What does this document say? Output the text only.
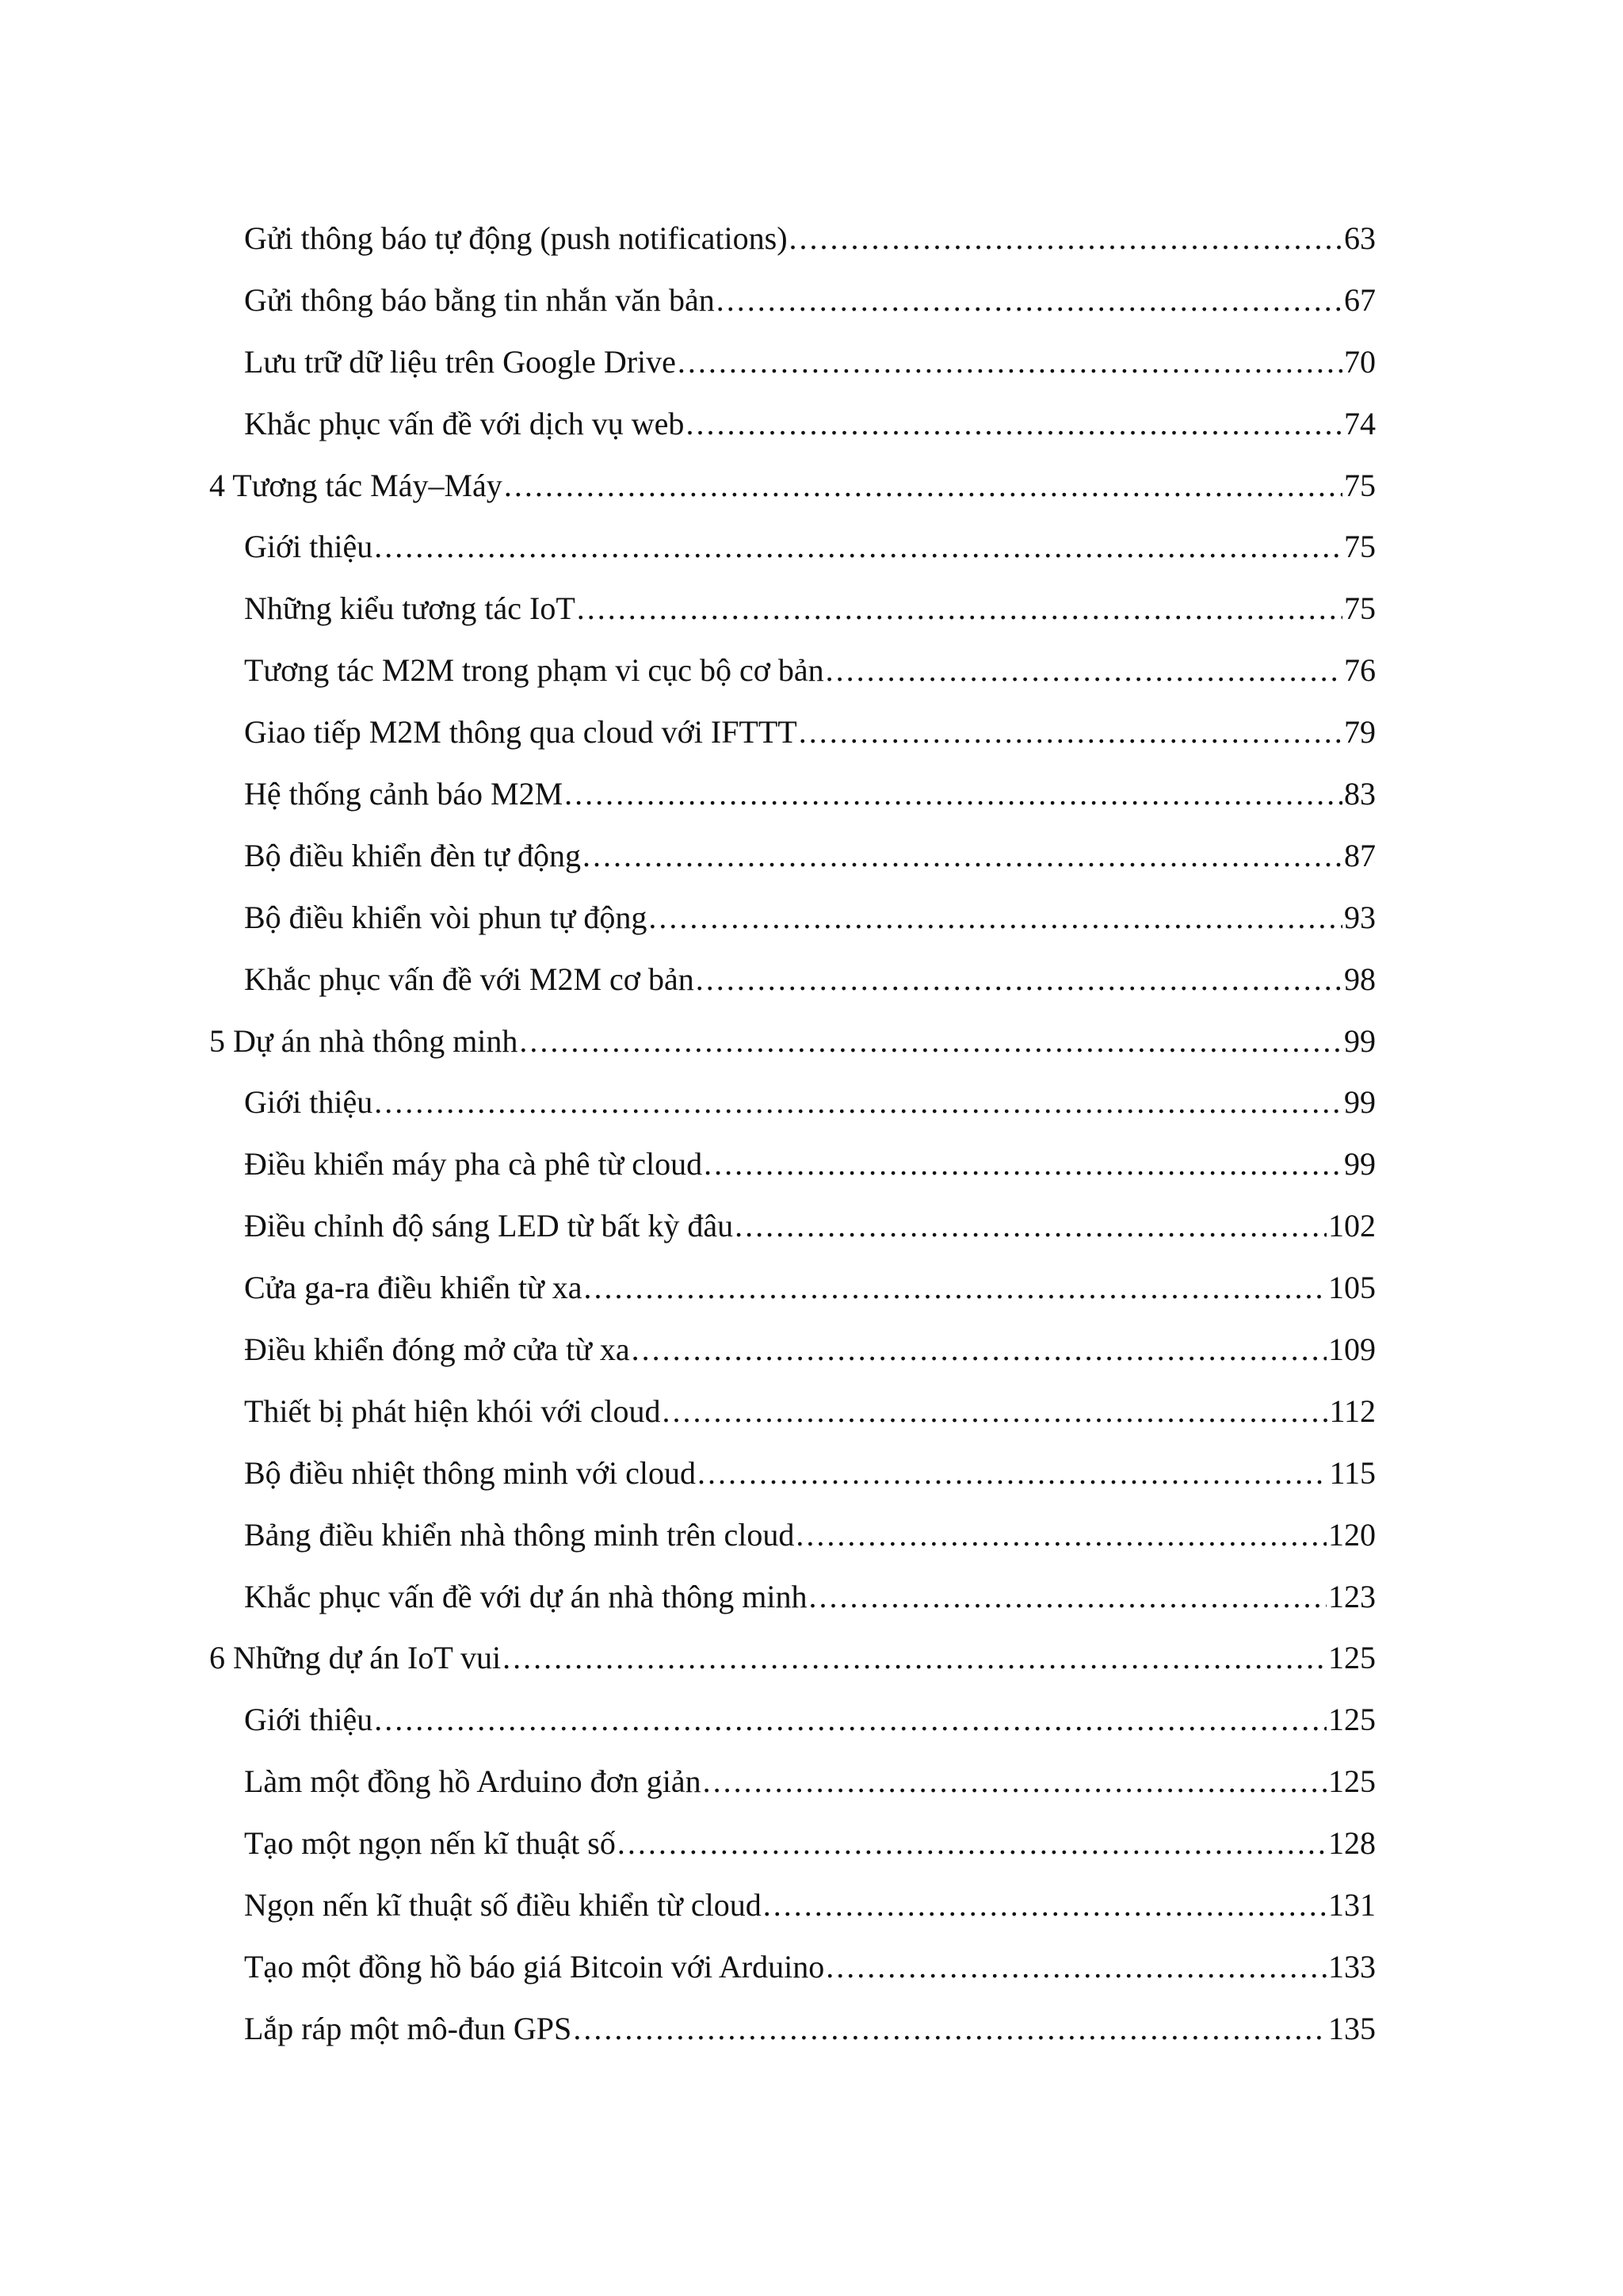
Gửi thông báo tự động (push notifications) .....	63
Gửi thông báo bằng tin nhắn văn bản .....	67
Lưu trữ dữ liệu trên Google Drive .....	70
Khắc phục vấn đề với dịch vụ web .....	74
4 Tương tác Máy–Máy .....	75
Giới thiệu .....	75
Những kiểu tương tác IoT .....	75
Tương tác M2M trong phạm vi cục bộ cơ bản .....	76
Giao tiếp M2M thông qua cloud với IFTTT .....	79
Hệ thống cảnh báo M2M .....	83
Bộ điều khiển đèn tự động .....	87
Bộ điều khiển vòi phun tự động .....	93
Khắc phục vấn đề với M2M cơ bản .....	98
5 Dự án nhà thông minh .....	99
Giới thiệu .....	99
Điều khiển máy pha cà phê từ cloud .....	99
Điều chỉnh độ sáng LED từ bất kỳ đâu .....	102
Cửa ga-ra điều khiển từ xa .....	105
Điều khiển đóng mở cửa từ xa .....	109
Thiết bị phát hiện khói với cloud .....	112
Bộ điều nhiệt thông minh với cloud .....	115
Bảng điều khiển nhà thông minh trên cloud .....	120
Khắc phục vấn đề với dự án nhà thông minh .....	123
6 Những dự án IoT vui .....	125
Giới thiệu .....	125
Làm một đồng hồ Arduino đơn giản .....	125
Tạo một ngọn nến kĩ thuật số .....	128
Ngọn nến kĩ thuật số điều khiển từ cloud .....	131
Tạo một đồng hồ báo giá Bitcoin với Arduino .....	133
Lắp ráp một mô-đun GPS .....	135
